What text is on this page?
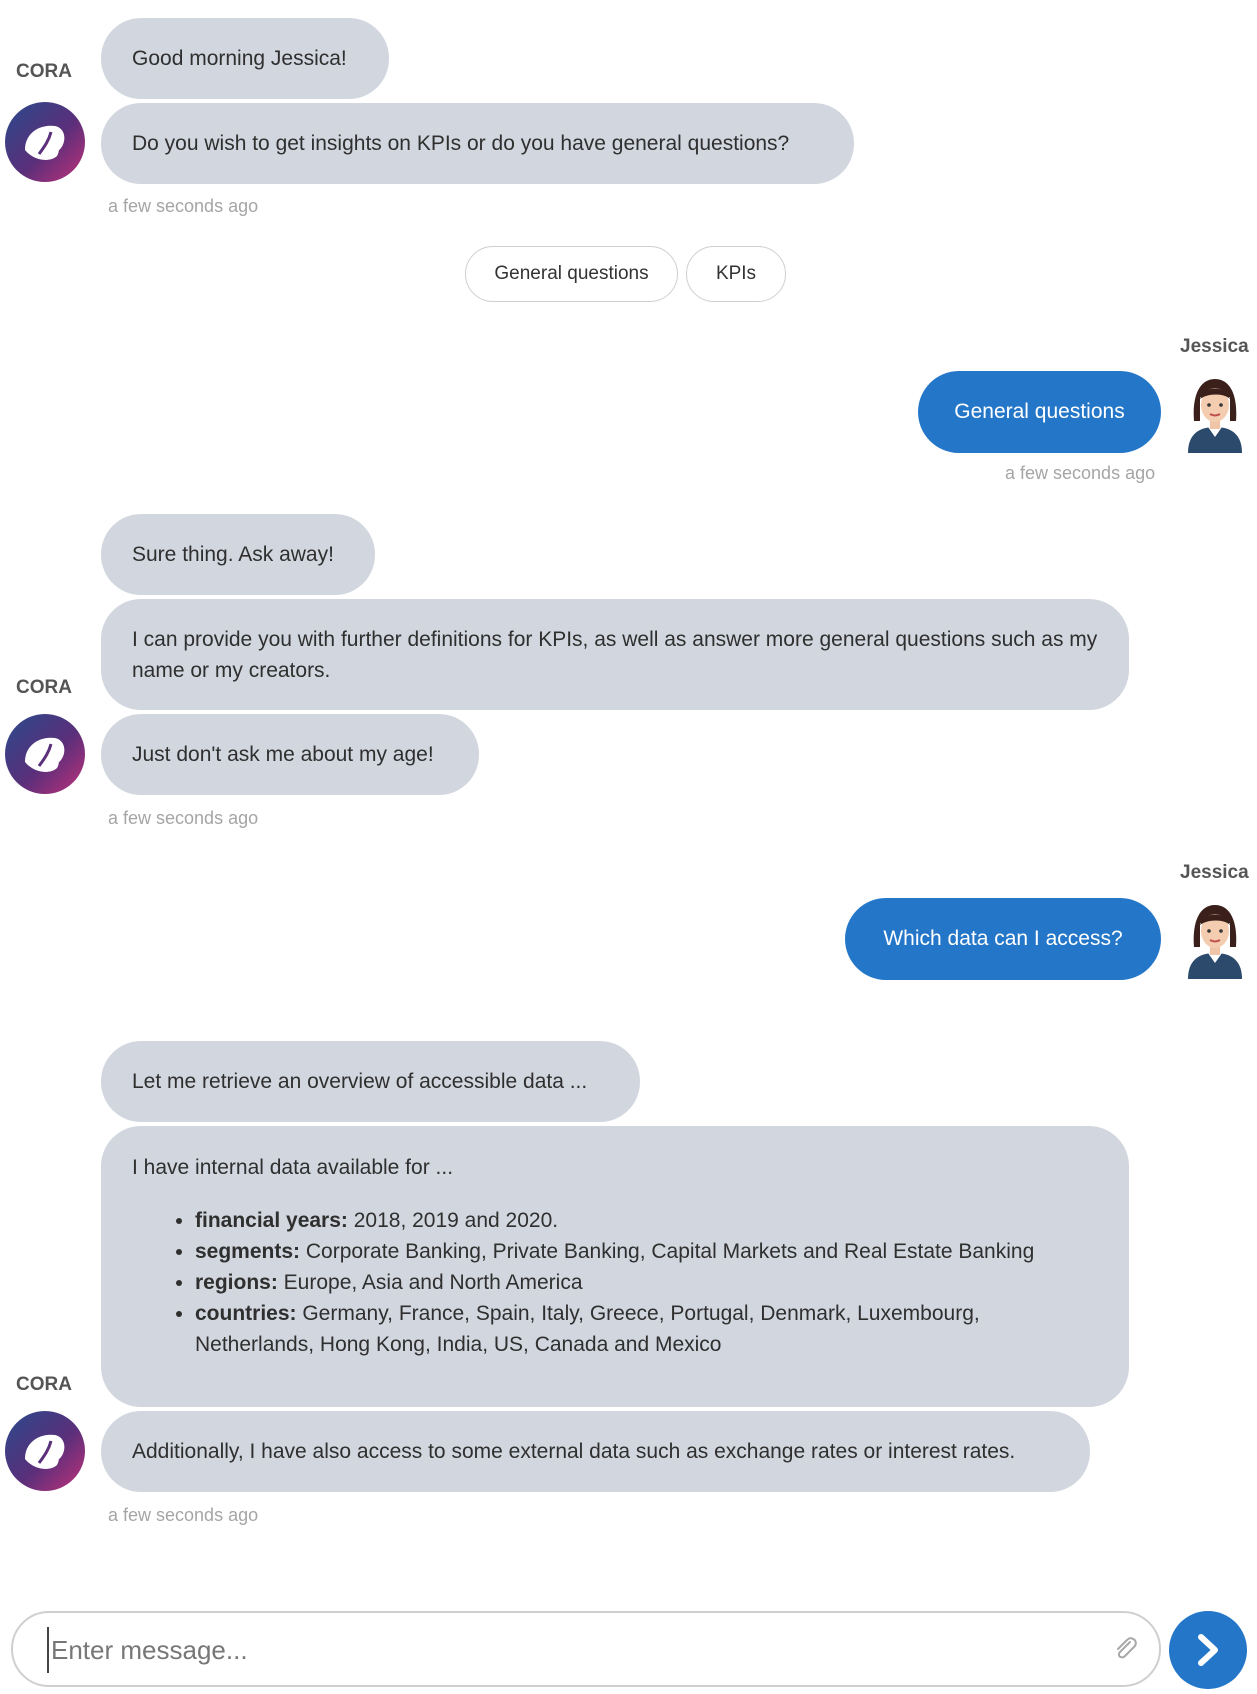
CORA
Good morning Jessica!
Do you wish to get insights on KPIs or do you have general questions?
a few seconds ago
General questions	KPIs
Jessica
General questions
a few seconds ago
Sure thing. Ask away!
I can provide you with further definitions for KPIs, as well as answer more general questions such as my name or my creators.
CORA
Just don't ask me about my age!
a few seconds ago
Jessica
Which data can I access?
Let me retrieve an overview of accessible data ...
I have internal data available for ...
• financial years: 2018, 2019 and 2020.
• segments: Corporate Banking, Private Banking, Capital Markets and Real Estate Banking
• regions: Europe, Asia and North America
• countries: Germany, France, Spain, Italy, Greece, Portugal, Denmark, Luxembourg, Netherlands, Hong Kong, India, US, Canada and Mexico
CORA
Additionally, I have also access to some external data such as exchange rates or interest rates.
a few seconds ago
Enter message...
